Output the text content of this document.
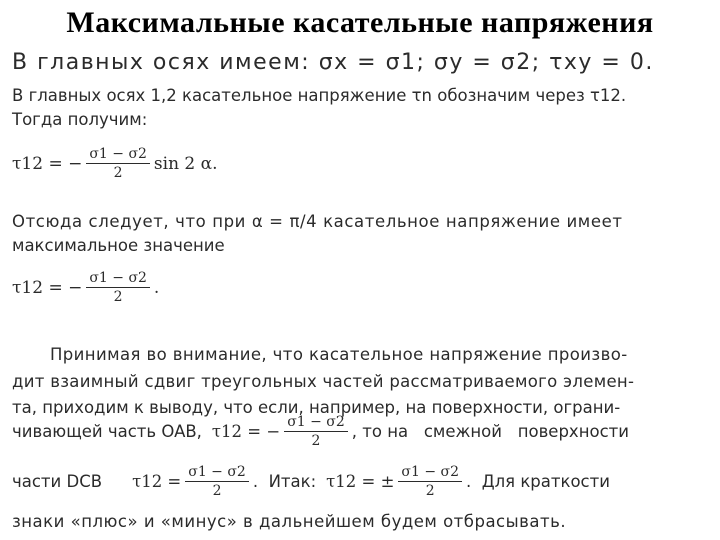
Максимальные касательные напряжения
В главных осях имеем: σx = σ1; σy = σ2; τxy = 0.
В главных осях 1,2 касательное напряжение τn обозначим через τ12.
Тогда получим:
τ12 = − $\frac{\sigma 1 - \sigma 2}{2}$ sin 2 α.
Отсюда следует, что при α = π/4 касательное напряжение имеет
максимальное значение
τ12 = − $\frac{\sigma 1 - \sigma 2}{2}$ .
Принимая во внимание, что касательное напряжение произво-
дит взаимный сдвиг треугольных частей рассматриваемого элемен-
та, приходим к выводу, что если, например, на поверхности, ограни-
чивающей часть OAB, τ12 = − $\frac{\sigma 1 - \sigma 2}{2}$ , то на   смежной   поверхности
части DCB $\tau 12 = \frac{\sigma 1 - \sigma 2}{2}$ .  Итак: τ12 = ± $\frac{\sigma 1 - \sigma 2}{2}$ .  Для краткости
знаки «плюс» и «минус» в дальнейшем будем отбрасывать.
